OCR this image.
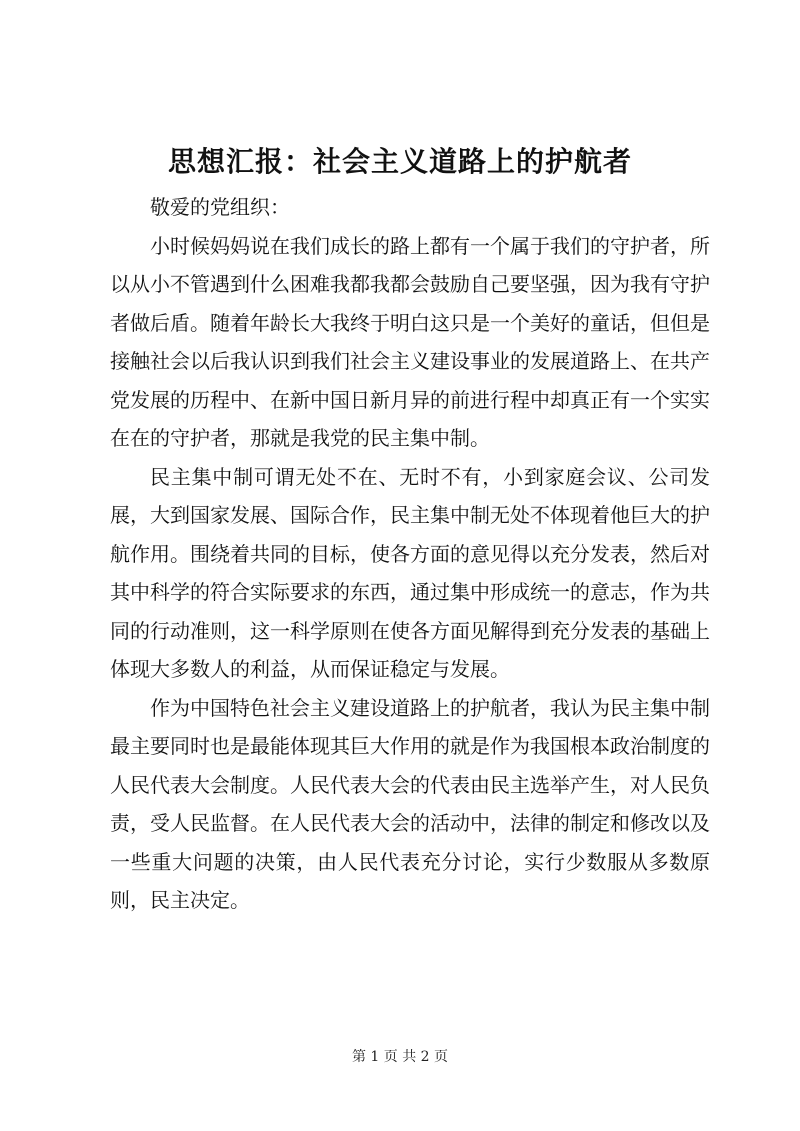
思想汇报：社会主义道路上的护航者

敬爱的党组织：

小时候妈妈说在我们成长的路上都有一个属于我们的守护者，所以从小不管遇到什么困难我都我都会鼓励自己要坚强，因为我有守护者做后盾。随着年龄长大我终于明白这只是一个美好的童话，但但是接触社会以后我认识到我们社会主义建设事业的发展道路上、在共产党发展的历程中、在新中国日新月异的前进行程中却真正有一个实实在在的守护者，那就是我党的民主集中制。

民主集中制可谓无处不在、无时不有，小到家庭会议、公司发展，大到国家发展、国际合作，民主集中制无处不体现着他巨大的护航作用。围绕着共同的目标，使各方面的意见得以充分发表，然后对其中科学的符合实际要求的东西，通过集中形成统一的意志，作为共同的行动准则，这一科学原则在使各方面见解得到充分发表的基础上体现大多数人的利益，从而保证稳定与发展。

作为中国特色社会主义建设道路上的护航者，我认为民主集中制最主要同时也是最能体现其巨大作用的就是作为我国根本政治制度的人民代表大会制度。人民代表大会的代表由民主选举产生，对人民负责，受人民监督。在人民代表大会的活动中，法律的制定和修改以及一些重大问题的决策，由人民代表充分讨论，实行少数服从多数原则，民主决定。

第 1 页 共 2 页
